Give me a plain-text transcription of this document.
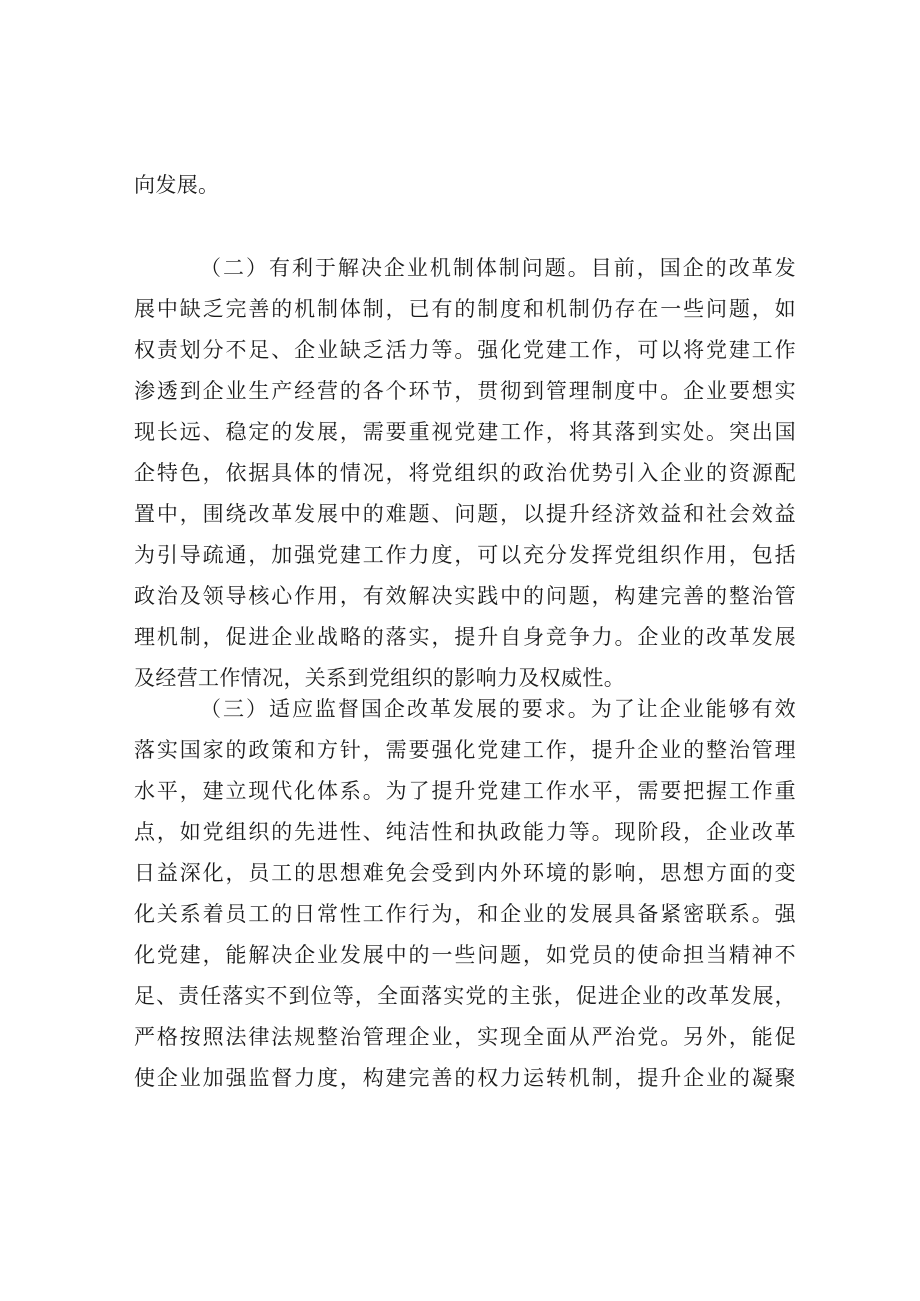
向发展。
（二）有利于解决企业机制体制问题。目前，国企的改革发
展中缺乏完善的机制体制，已有的制度和机制仍存在一些问题，如
权责划分不足、企业缺乏活力等。强化党建工作，可以将党建工作
渗透到企业生产经营的各个环节，贯彻到管理制度中。企业要想实
现长远、稳定的发展，需要重视党建工作，将其落到实处。突出国
企特色，依据具体的情况，将党组织的政治优势引入企业的资源配
置中，围绕改革发展中的难题、问题，以提升经济效益和社会效益
为引导疏通，加强党建工作力度，可以充分发挥党组织作用，包括
政治及领导核心作用，有效解决实践中的问题，构建完善的整治管
理机制，促进企业战略的落实，提升自身竞争力。企业的改革发展
及经营工作情况，关系到党组织的影响力及权威性。
（三）适应监督国企改革发展的要求。为了让企业能够有效
落实国家的政策和方针，需要强化党建工作，提升企业的整治管理
水平，建立现代化体系。为了提升党建工作水平，需要把握工作重
点，如党组织的先进性、纯洁性和执政能力等。现阶段，企业改革
日益深化，员工的思想难免会受到内外环境的影响，思想方面的变
化关系着员工的日常性工作行为，和企业的发展具备紧密联系。强
化党建，能解决企业发展中的一些问题，如党员的使命担当精神不
足、责任落实不到位等，全面落实党的主张，促进企业的改革发展，
严格按照法律法规整治管理企业，实现全面从严治党。另外，能促
使企业加强监督力度，构建完善的权力运转机制，提升企业的凝聚
